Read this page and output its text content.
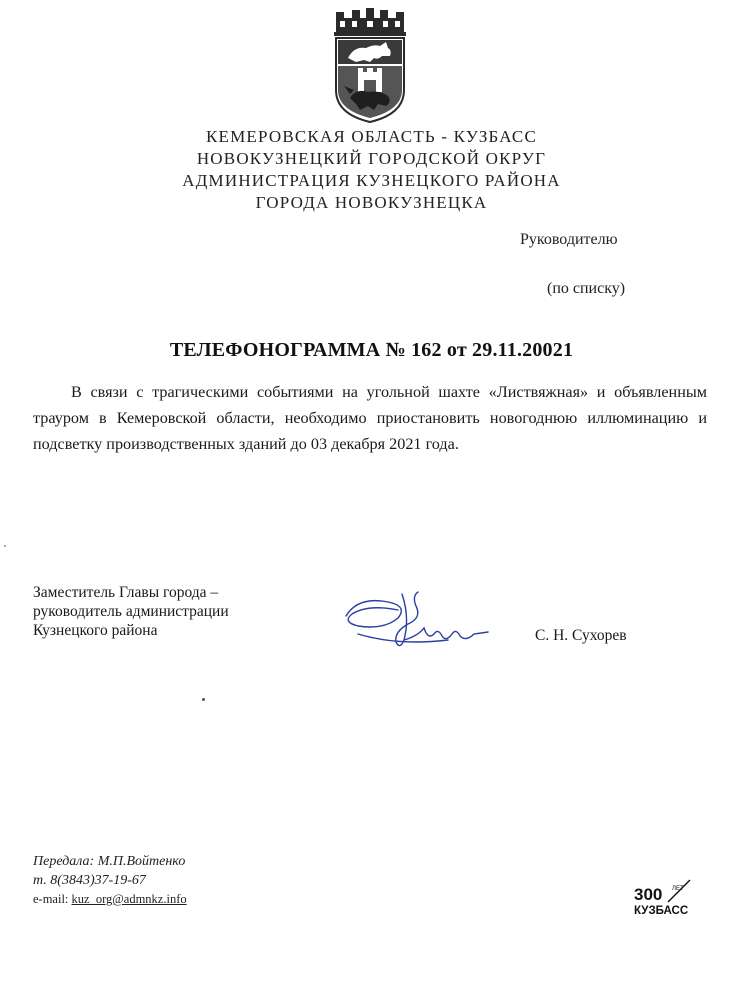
КЕМЕРОВСКАЯ ОБЛАСТЬ - КУЗБАСС
НОВОКУЗНЕЦКИЙ ГОРОДСКОЙ ОКРУГ
АДМИНИСТРАЦИЯ КУЗНЕЦКОГО РАЙОНА
ГОРОДА НОВОКУЗНЕЦКА
Руководителю
(по списку)
ТЕЛЕФОНОГРАММА № 162 от 29.11.20021
В связи с трагическими событиями на угольной шахте «Листвяжная» и объявленным трауром в Кемеровской области, необходимо приостановить новогоднюю иллюминацию и подсветку производственных зданий до 03 декабря 2021 года.
Заместитель Главы города –
руководитель администрации
Кузнецкого района	С. Н. Сухорев
Передала: М.П.Войтенко
т. 8(3843)37-19-67
e-mail: kuz_org@admnkz.info	300 ЛЕТ
КУЗБАСС
